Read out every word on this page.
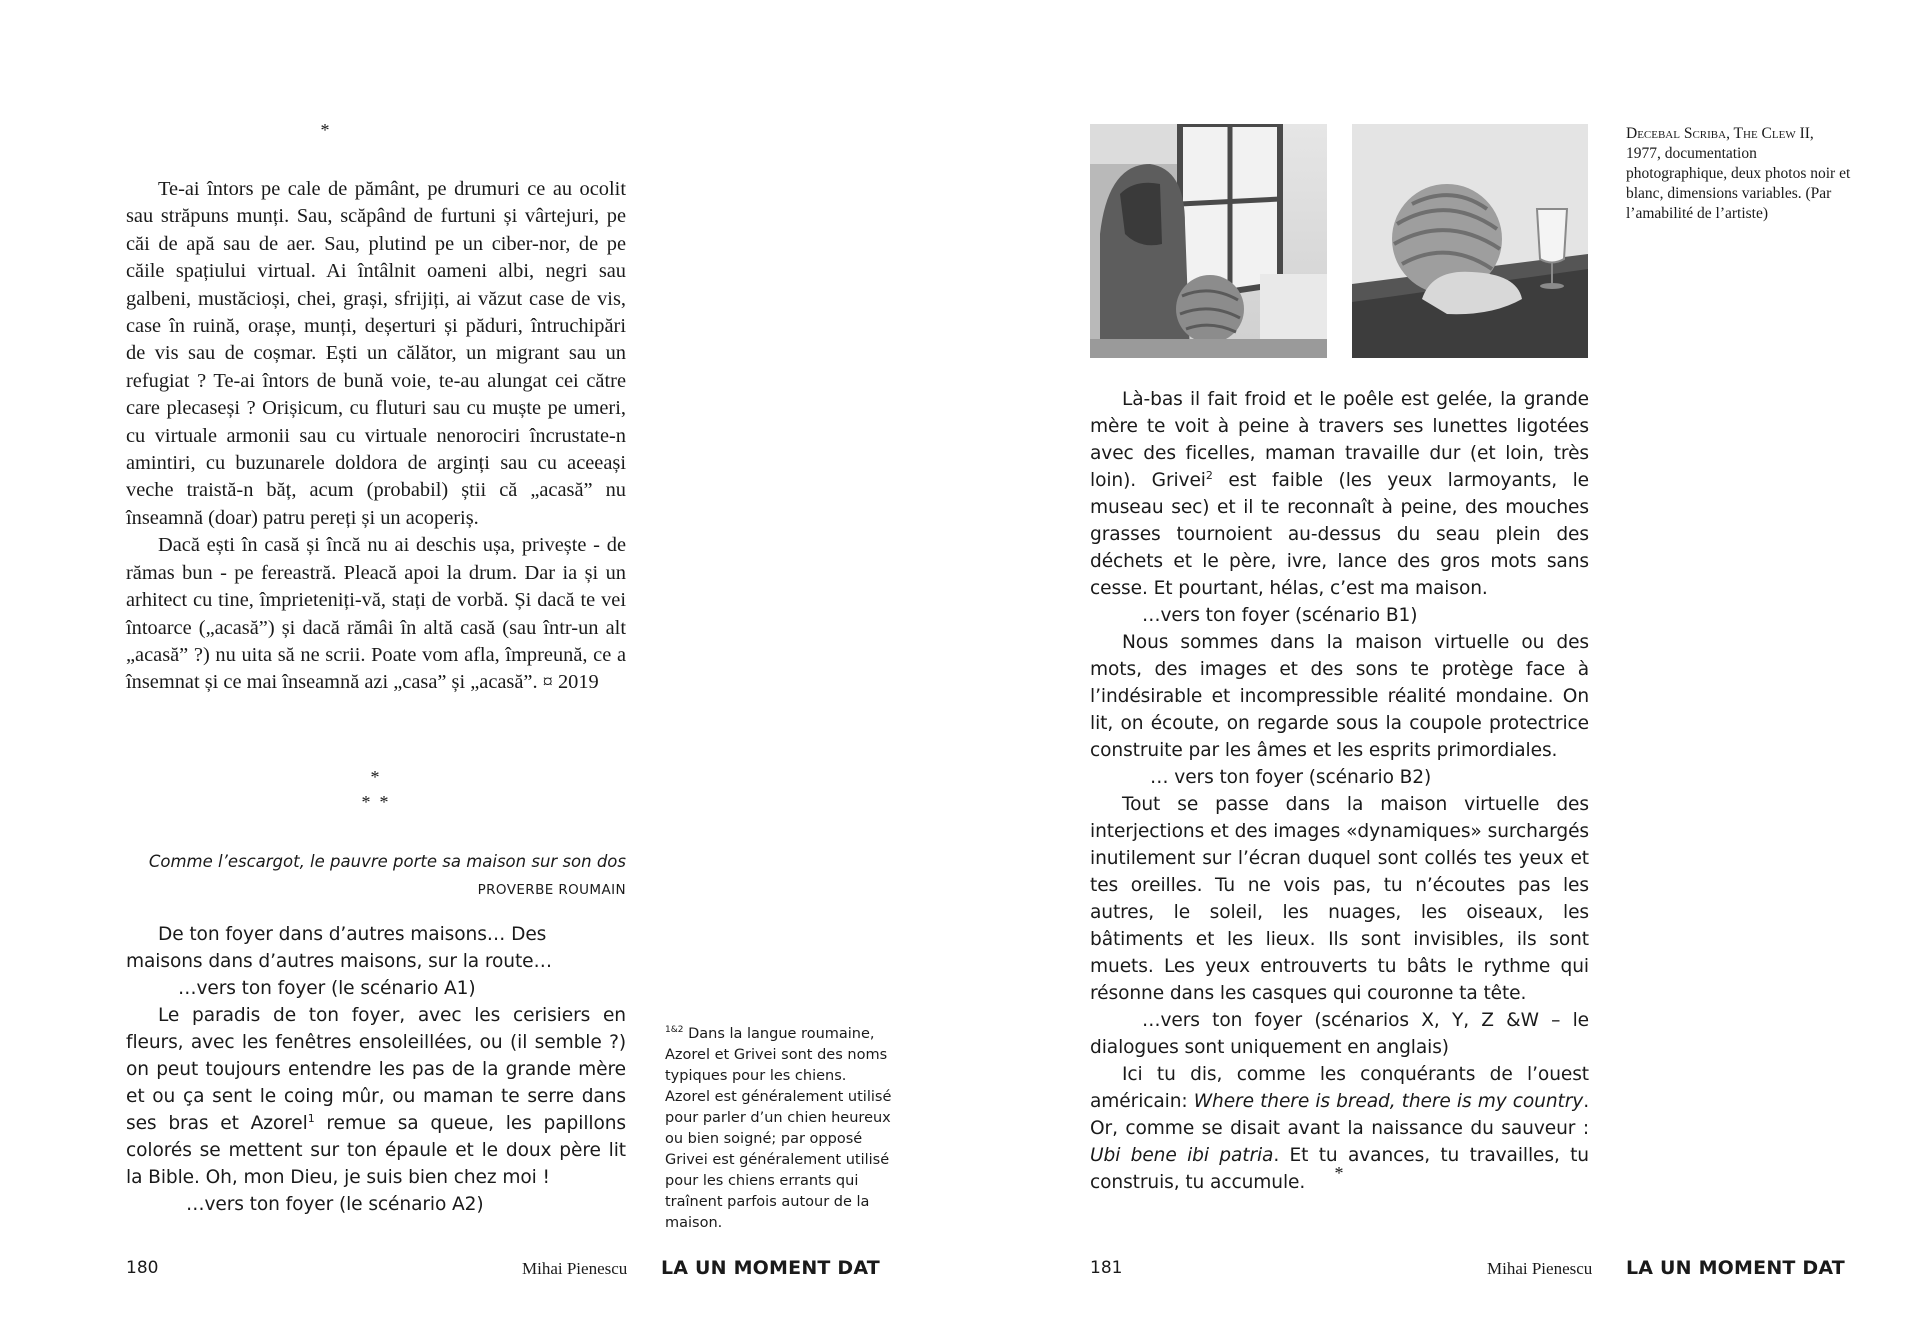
*

Te-ai întors pe cale de pământ, pe drumuri ce au ocolit sau străpuns munți. Sau, scăpând de furtuni și vârtejuri, pe căi de apă sau de aer. Sau, plutind pe un ciber-nor, de pe căile spațiului virtual. Ai întâlnit oameni albi, negri sau galbeni, mustăcioși, chei, grași, sfrijiți, ai văzut case de vis, case în ruină, orașe, munți, deșerturi și păduri, întruchipări de vis sau de coșmar. Ești un călător, un migrant sau un refugiat ? Te-ai întors de bună voie, te-au alungat cei către care plecaseși ? Orișicum, cu fluturi sau cu muște pe umeri, cu virtuale armonii sau cu virtuale nenorociri încrustate-n amintiri, cu buzunarele doldora de arginți sau cu aceeași veche traistă-n băț, acum (probabil) știi că „acasă” nu înseamnă (doar) patru pereți și un acoperiș.

Dacă ești în casă și încă nu ai deschis ușa, privește - de rămas bun - pe fereastră. Pleacă apoi la drum. Dar ia și un arhitect cu tine, împrieteniți-vă, stați de vorbă. Și dacă te vei întoarce („acasă”) și dacă rămâi în altă casă (sau într-un alt „acasă” ?) nu uita să ne scrii. Poate vom afla, împreună, ce a însemnat și ce mai înseamnă azi „casa” și „acasă”. ¤ 2019

*
*  *
Comme l’escargot, le pauvre porte sa maison sur son dos
PROVERBE ROUMAIN

De ton foyer dans d’autres maisons… Des maisons dans d’autres maisons, sur la route…

…vers ton foyer (le scénario A1)

Le paradis de ton foyer, avec les cerisiers en fleurs, avec les fenêtres ensoleillées, ou (il semble ?) on peut toujours entendre les pas de la grande mère et ou ça sent le coing mûr, ou maman te serre dans ses bras et Azorel$^1$ remue sa queue, les papillons colorés se mettent sur ton épaule et le doux père lit la Bible. Oh, mon Dieu, je suis bien chez moi !

…vers ton foyer (le scénario A2)

$^{1\&2}$ Dans la langue roumaine, Azorel et Grivei sont des noms typiques pour les chiens. Azorel est généralement utilisé pour parler d’un chien heureux ou bien soigné; par opposé Grivei est généralement utilisé pour les chiens errants qui traînent parfois autour de la maison.
180	Mihai Pienescu LA UN MOMENT DAT
Decebal Scriba, The Clew II, 1977, documentation photographique, deux photos noir et blanc, dimensions variables. (Par l’amabilité de l’artiste)

Là-bas il fait froid et le poêle est gelée, la grande mère te voit à peine à travers ses lunettes ligotées avec des ficelles, maman travaille dur (et loin, très loin). Grivei$^2$ est faible (les yeux larmoyants, le museau sec) et il te reconnaît à peine, des mouches grasses tournoient au-dessus du seau plein des déchets et le père, ivre, lance des gros mots sans cesse. Et pourtant, hélas, c’est ma maison.

…vers ton foyer (scénario B1)

Nous sommes dans la maison virtuelle ou des mots, des images et des sons te protège face à l’indésirable et incompressible réalité mondaine. On lit, on écoute, on regarde sous la coupole protectrice construite par les âmes et les esprits primordiales.

… vers ton foyer (scénario B2)

Tout se passe dans la maison virtuelle des interjections et des images «dynamiques» surchargés inutilement sur l’écran duquel sont collés tes yeux et tes oreilles. Tu ne vois pas, tu n’écoutes pas les autres, le soleil, les nuages, les oiseaux, les bâtiments et les lieux. Ils sont invisibles, ils sont muets. Les yeux entrouverts tu bâts le rythme qui résonne dans les casques qui couronne ta tête.

…vers ton foyer (scénarios X, Y, Z &W – le dialogues sont uniquement en anglais)

Ici tu dis, comme les conquérants de l’ouest américain: Where there is bread, there is my country. Or, comme se disait avant la naissance du sauveur : Ubi bene ibi patria. Et tu avances, tu travailles, tu construis, tu accumule.	*
181	Mihai Pienescu LA UN MOMENT DAT
